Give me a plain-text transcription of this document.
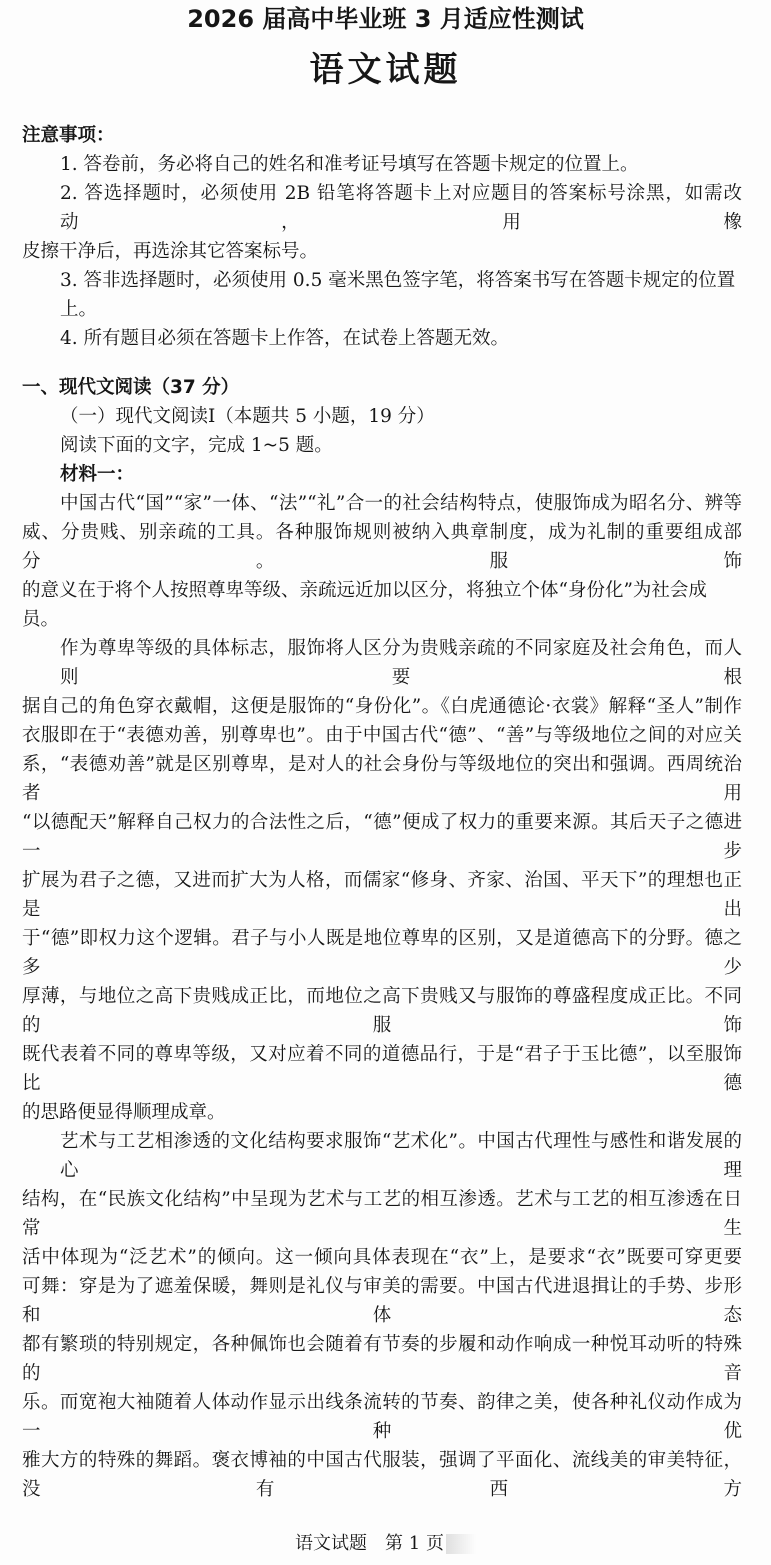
2026 届高中毕业班 3 月适应性测试
语文试题
注意事项：
1. 答卷前，务必将自己的姓名和准考证号填写在答题卡规定的位置上。
2. 答选择题时，必须使用 2B 铅笔将答题卡上对应题目的答案标号涂黑，如需改动，用橡
皮擦干净后，再选涂其它答案标号。
3. 答非选择题时，必须使用 0.5 毫米黑色签字笔，将答案书写在答题卡规定的位置上。
4. 所有题目必须在答题卡上作答，在试卷上答题无效。
一、现代文阅读（37 分）
（一）现代文阅读Ⅰ（本题共 5 小题，19 分）
阅读下面的文字，完成 1~5 题。
材料一：
中国古代“国”“家”一体、“法”“礼”合一的社会结构特点，使服饰成为昭名分、辨等
威、分贵贱、别亲疏的工具。各种服饰规则被纳入典章制度，成为礼制的重要组成部分。服饰
的意义在于将个人按照尊卑等级、亲疏远近加以区分，将独立个体“身份化”为社会成员。
作为尊卑等级的具体标志，服饰将人区分为贵贱亲疏的不同家庭及社会角色，而人则要根
据自己的角色穿衣戴帽，这便是服饰的“身份化”。《白虎通德论·衣裳》解释“圣人”制作
衣服即在于“表德劝善，别尊卑也”。由于中国古代“德”、“善”与等级地位之间的对应关
系，“表德劝善”就是区别尊卑，是对人的社会身份与等级地位的突出和强调。西周统治者用
“以德配天”解释自己权力的合法性之后，“德”便成了权力的重要来源。其后天子之德进一步
扩展为君子之德，又进而扩大为人格，而儒家“修身、齐家、治国、平天下”的理想也正是出
于“德”即权力这个逻辑。君子与小人既是地位尊卑的区别，又是道德高下的分野。德之多少
厚薄，与地位之高下贵贱成正比，而地位之高下贵贱又与服饰的尊盛程度成正比。不同的服饰
既代表着不同的尊卑等级，又对应着不同的道德品行，于是“君子于玉比德”，以至服饰比德
的思路便显得顺理成章。
艺术与工艺相渗透的文化结构要求服饰“艺术化”。中国古代理性与感性和谐发展的心理
结构，在“民族文化结构”中呈现为艺术与工艺的相互渗透。艺术与工艺的相互渗透在日常生
活中体现为“泛艺术”的倾向。这一倾向具体表现在“衣”上，是要求“衣”既要可穿更要
可舞：穿是为了遮羞保暖，舞则是礼仪与审美的需要。中国古代进退揖让的手势、步形和体态
都有繁琐的特别规定，各种佩饰也会随着有节奏的步履和动作响成一种悦耳动听的特殊的音
乐。而宽袍大袖随着人体动作显示出线条流转的节奏、韵律之美，使各种礼仪动作成为一种优
雅大方的特殊的舞蹈。褒衣博袖的中国古代服装，强调了平面化、流线美的审美特征，没有西方
语文试题　第 1 页
